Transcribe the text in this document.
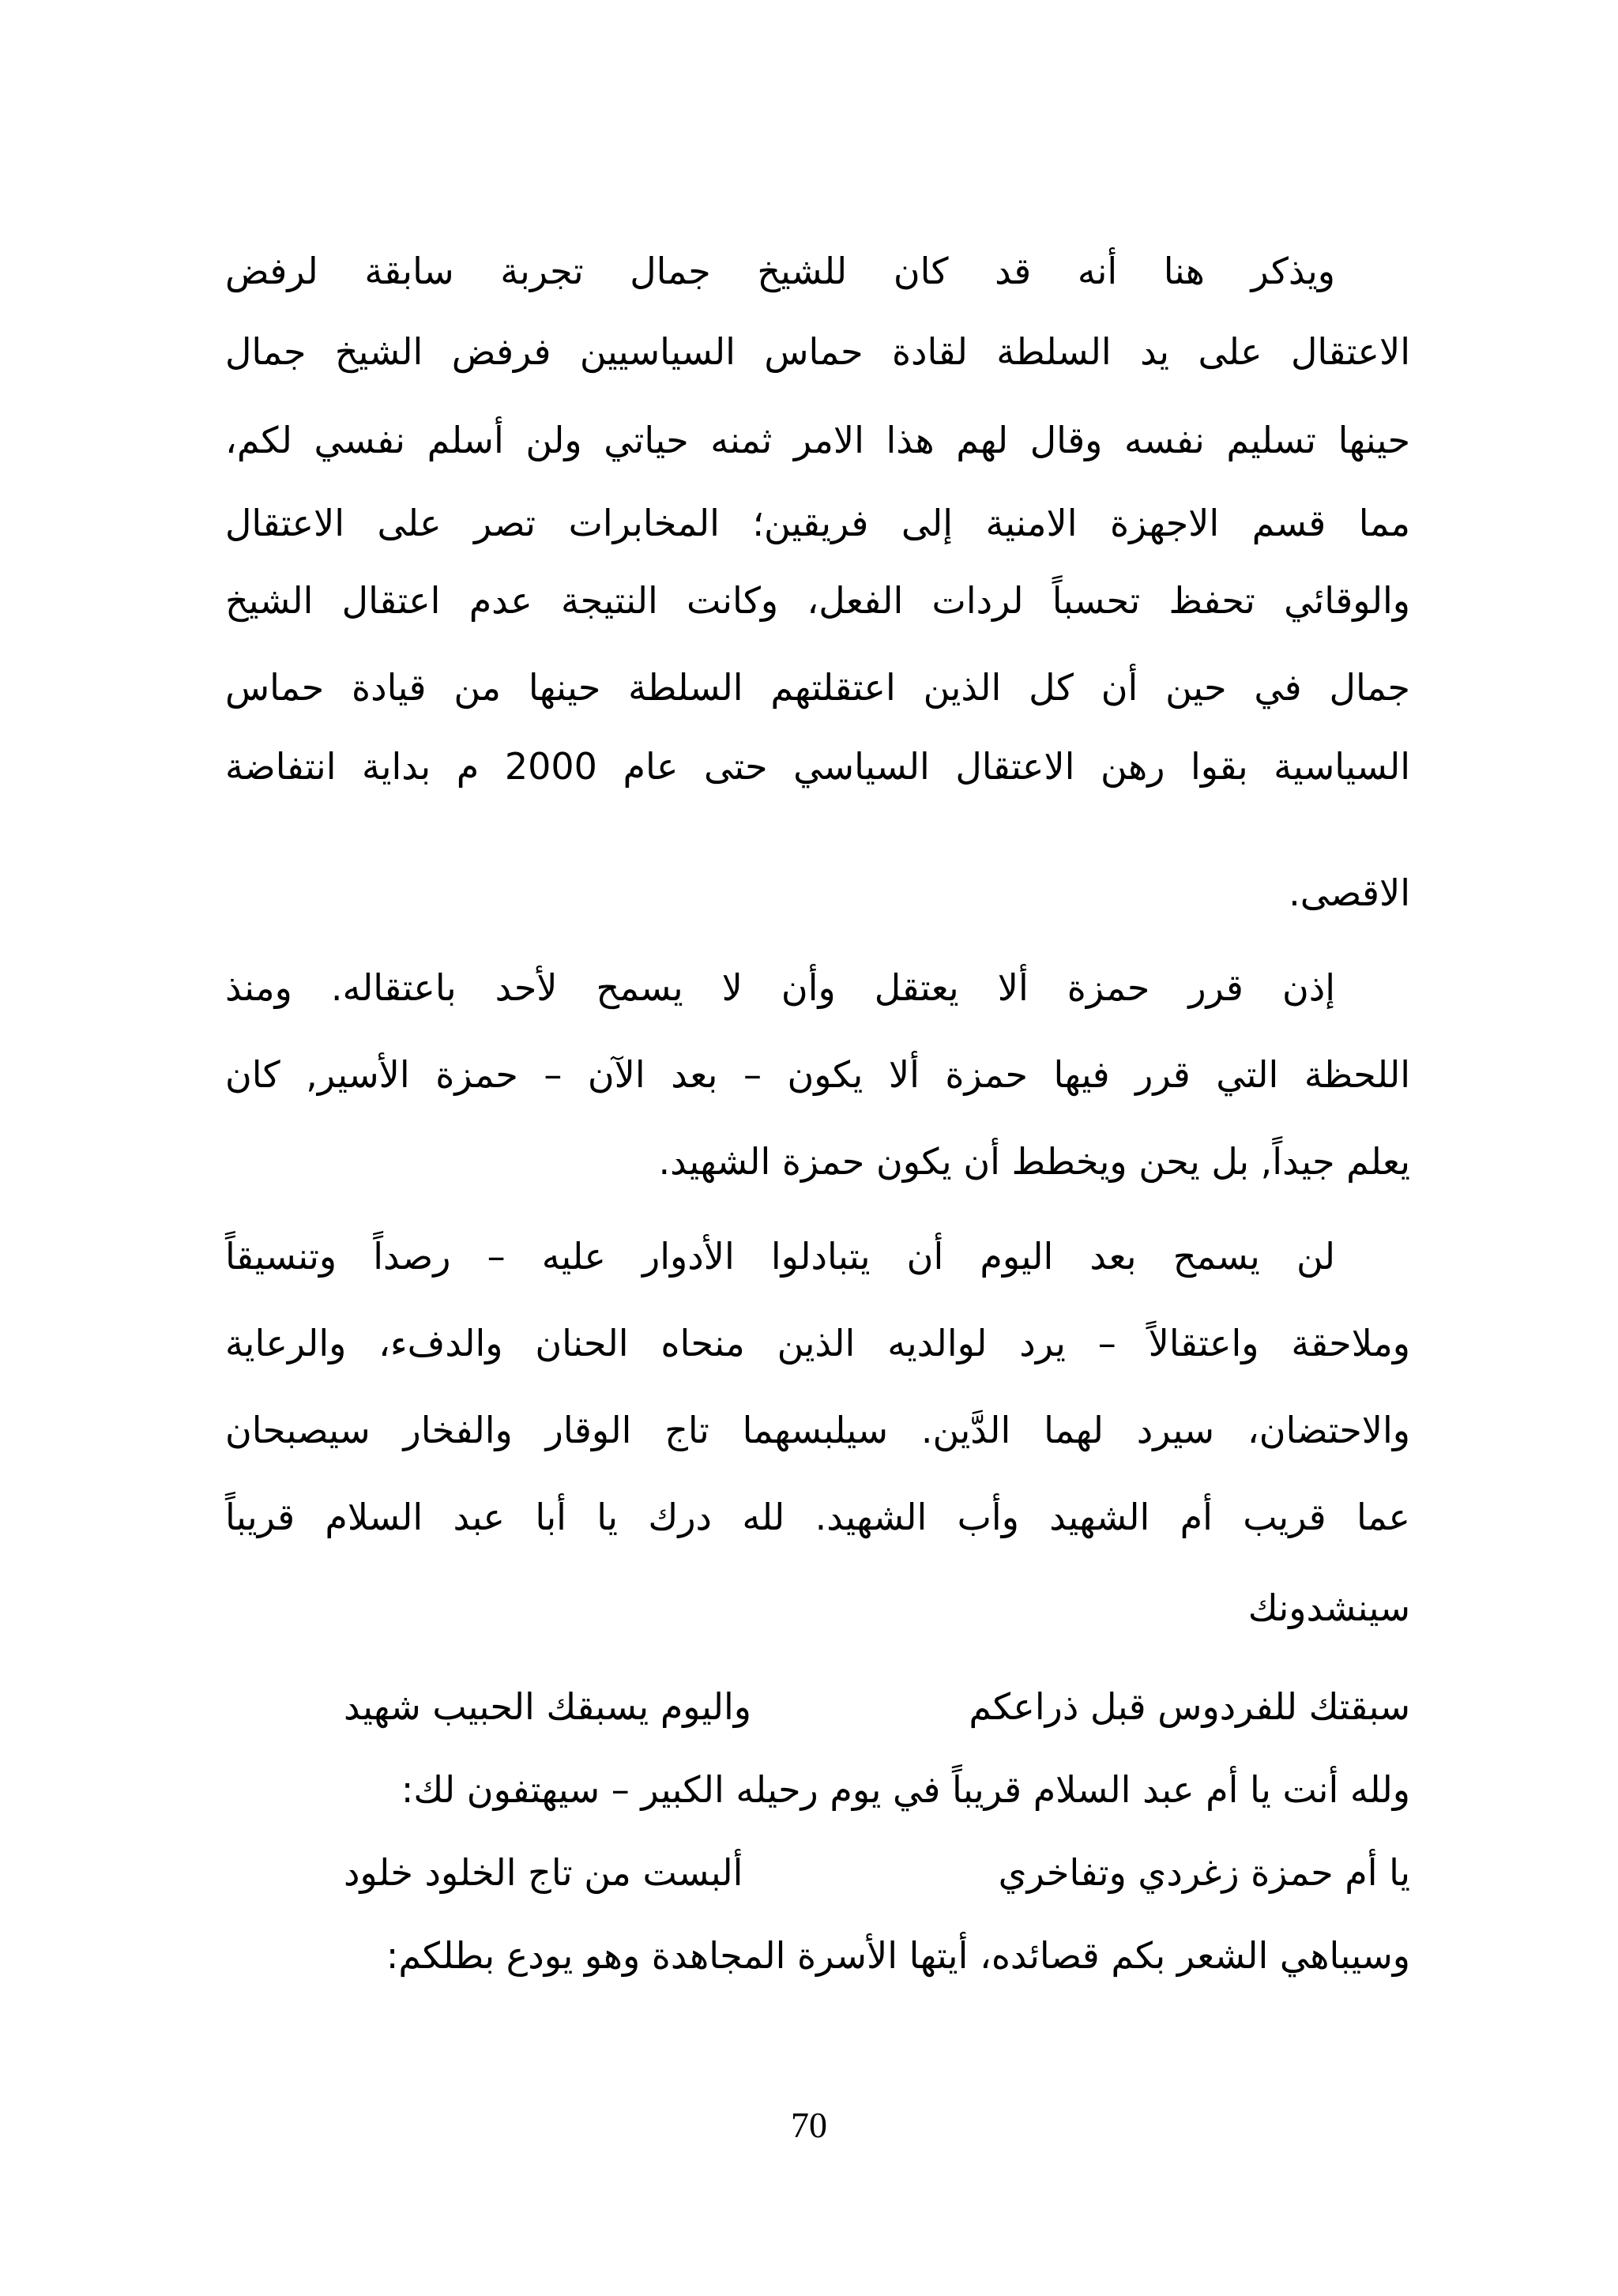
ويذكر هنا أنه قد كان للشيخ جمال تجربة سابقة لرفض
الاعتقال على يد السلطة لقادة حماس السياسيين فرفض الشيخ جمال
حينها تسليم نفسه وقال لهم هذا الامر ثمنه حياتي ولن أسلم نفسي لكم،
مما قسم الاجهزة الامنية إلى فريقين؛ المخابرات تصر على الاعتقال
والوقائي تحفظ تحسباً لردات الفعل، وكانت النتيجة عدم اعتقال الشيخ
جمال في حين أن كل الذين اعتقلتهم السلطة حينها من قيادة حماس
السياسية بقوا رهن الاعتقال السياسي حتى عام 2000 م بداية انتفاضة
الاقصى.
إذن قرر حمزة ألا يعتقل وأن لا يسمح لأحد باعتقاله. ومنذ
اللحظة التي قرر فيها حمزة ألا يكون – بعد الآن – حمزة الأسير, كان
يعلم جيداً, بل يحن ويخطط أن يكون حمزة الشهيد.
لن يسمح بعد اليوم أن يتبادلوا الأدوار عليه – رصداً وتنسيقاً
وملاحقة واعتقالاً – يرد لوالديه الذين منحاه الحنان والدفء، والرعاية
والاحتضان، سيرد لهما الدَّين. سيلبسهما تاج الوقار والفخار سيصبحان
عما قريب أم الشهيد وأب الشهيد. لله درك يا أبا عبد السلام قريباً
سينشدونك
سبقتك للفردوس قبل ذراعكم
واليوم يسبقك الحبيب شهيد
ولله أنت يا أم عبد السلام قريباً في يوم رحيله الكبير – سيهتفون لك:
يا أم حمزة زغردي وتفاخري
ألبست من تاج الخلود خلود
وسيباهي الشعر بكم قصائده، أيتها الأسرة المجاهدة وهو يودع بطلكم:
70
